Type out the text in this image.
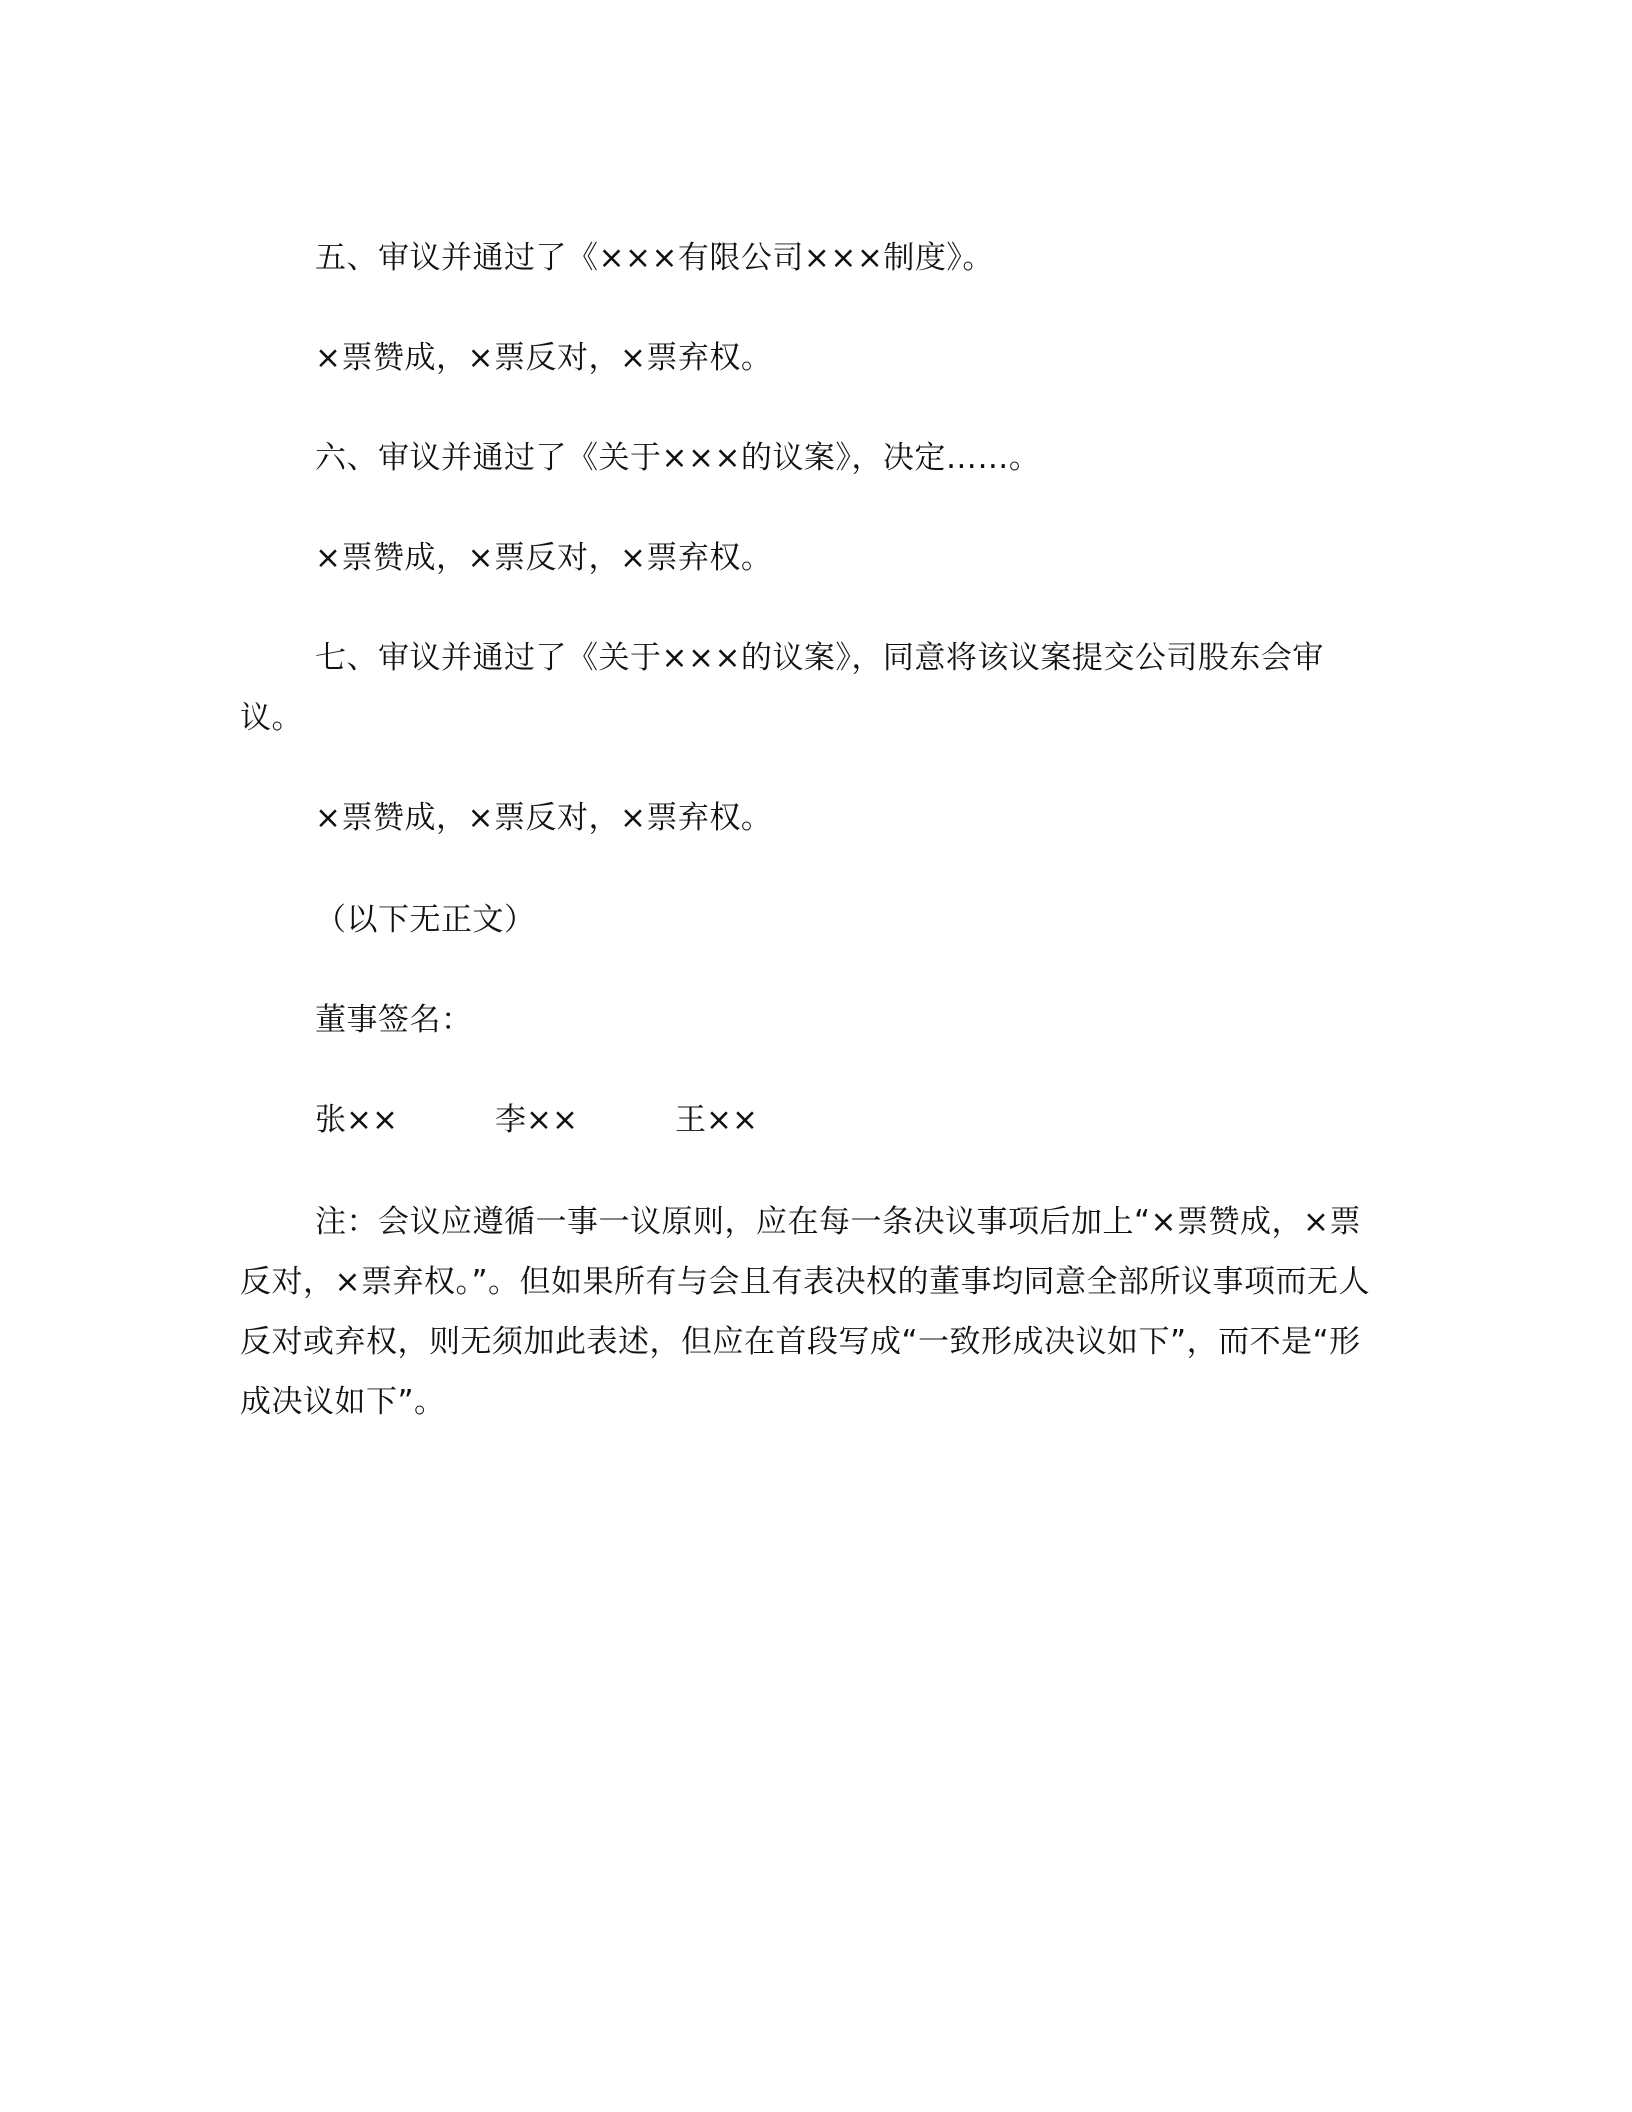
五、审议并通过了《×××有限公司×××制度》。
×票赞成，×票反对，×票弃权。
六、审议并通过了《关于×××的议案》，决定……。
×票赞成，×票反对，×票弃权。
七、审议并通过了《关于×××的议案》，同意将该议案提交公司股东会审议。
×票赞成，×票反对，×票弃权。
（以下无正文）
董事签名：
张××	李××	王××
注：会议应遵循一事一议原则，应在每一条决议事项后加上“×票赞成，×票反对，×票弃权。”。但如果所有与会且有表决权的董事均同意全部所议事项而无人反对或弃权，则无须加此表述，但应在首段写成“一致形成决议如下”，而不是“形成决议如下”。
